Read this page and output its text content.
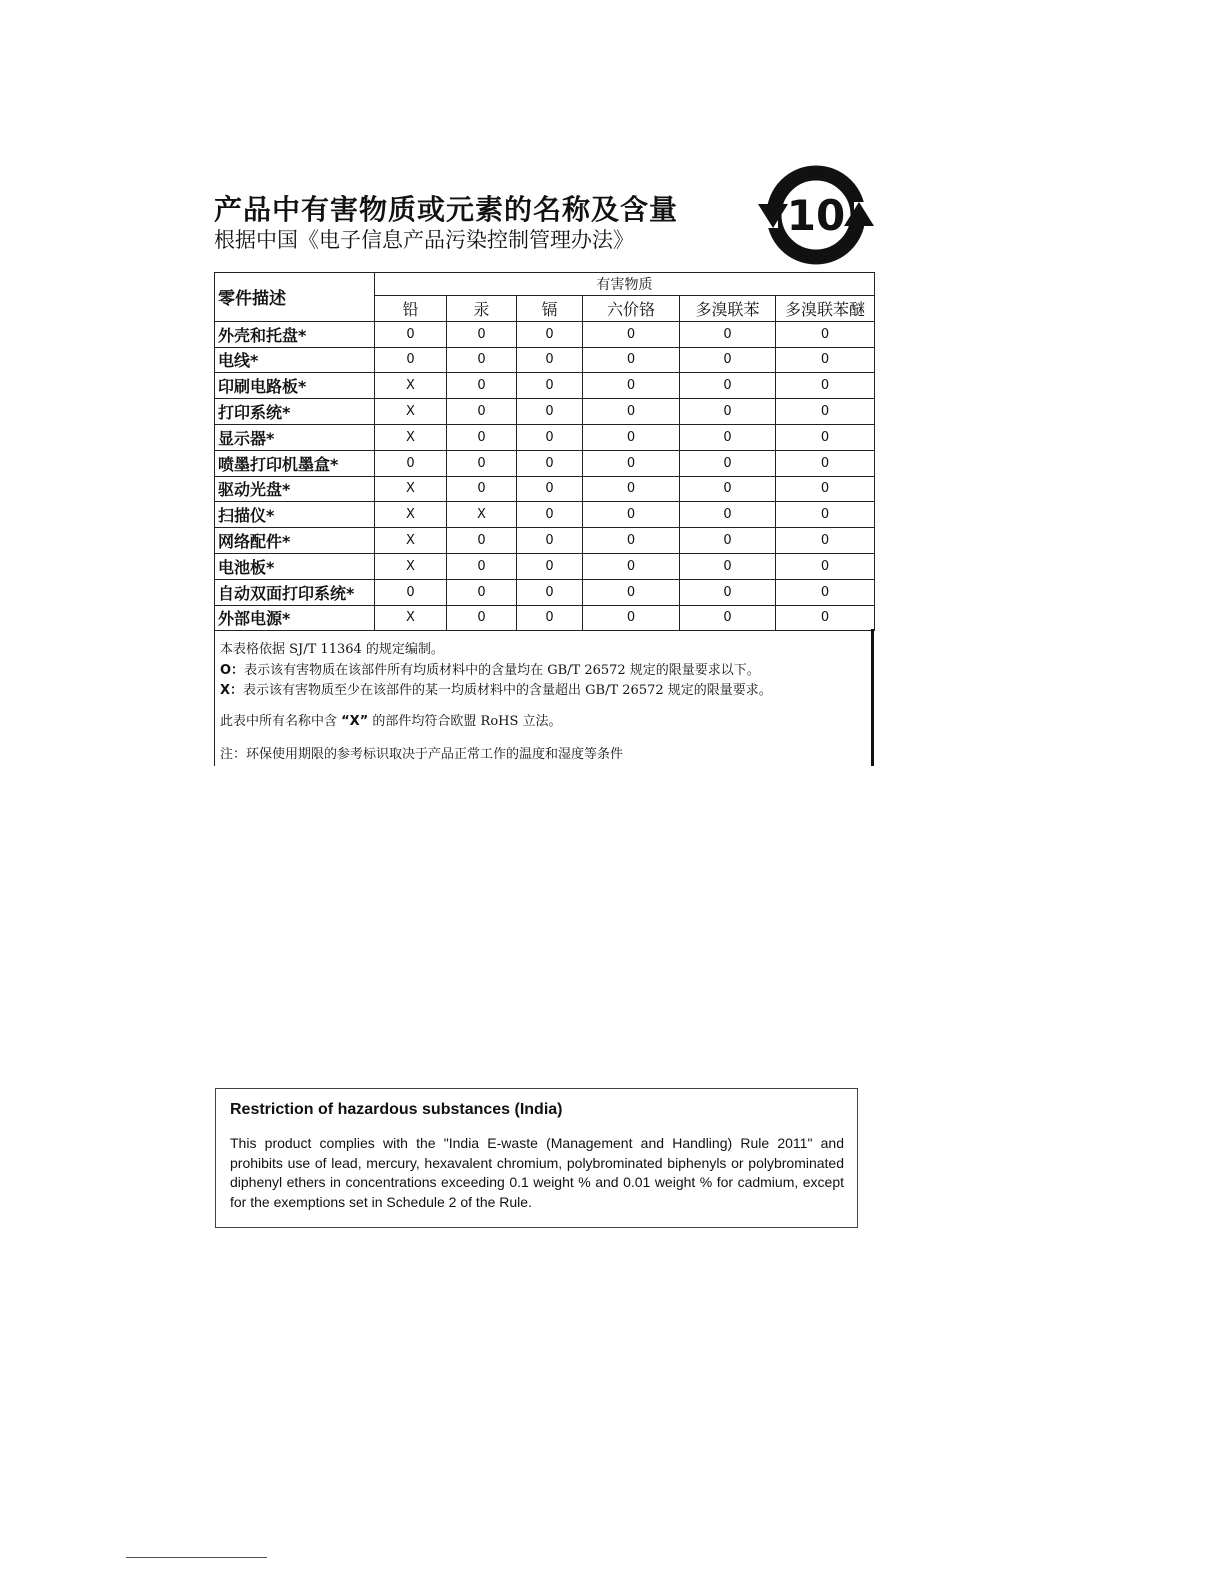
产品中有害物质或元素的名称及含量
根据中国《电子信息产品污染控制管理办法》	10
零件描述	有害物质					
	铅	汞	镉	六价铬	多溴联苯	多溴联苯醚
外壳和托盘*	0	0	0	0	0	0
电线*	0	0	0	0	0	0
印刷电路板*	X	0	0	0	0	0
打印系统*	X	0	0	0	0	0
显示器*	X	0	0	0	0	0
喷墨打印机墨盒*	0	0	0	0	0	0
驱动光盘*	X	0	0	0	0	0
扫描仪*	X	X	0	0	0	0
网络配件*	X	0	0	0	0	0
电池板*	X	0	0	0	0	0
自动双面打印系统*	0	0	0	0	0	0
外部电源*	X	0	0	0	0	0
本表格依据 SJ/T 11364 的规定编制。
O：表示该有害物质在该部件所有均质材料中的含量均在 GB/T 26572 规定的限量要求以下。
X：表示该有害物质至少在该部件的某一均质材料中的含量超出 GB/T 26572 规定的限量要求。
此表中所有名称中含 “X” 的部件均符合欧盟 RoHS 立法。
注：环保使用期限的参考标识取决于产品正常工作的温度和湿度等条件
Restriction of hazardous substances (India)
This product complies with the "India E-waste (Management and Handling) Rule 2011" and prohibits use of lead, mercury, hexavalent chromium, polybrominated biphenyls or polybrominated diphenyl ethers in concentrations exceeding 0.1 weight % and 0.01 weight % for cadmium, except for the exemptions set in Schedule 2 of the Rule.
